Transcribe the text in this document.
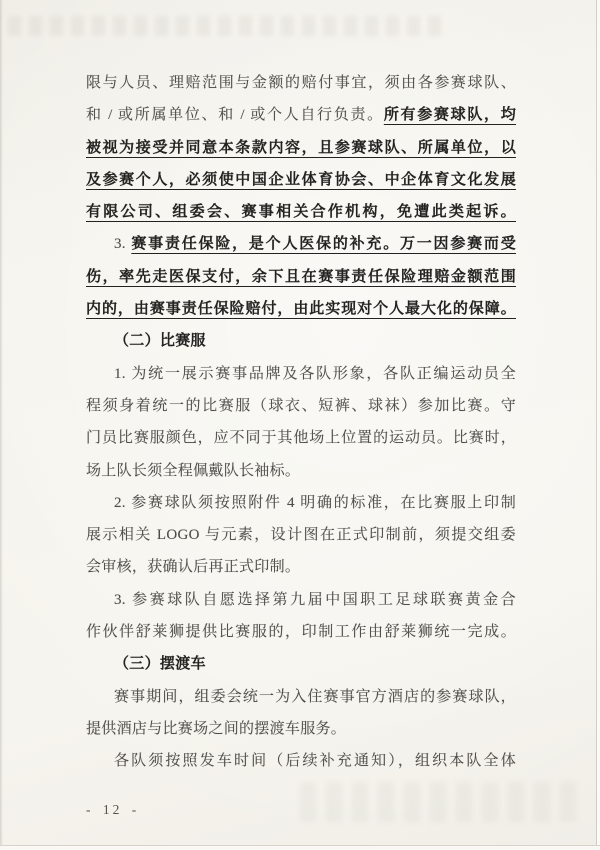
限与人员、理赔范围与金额的赔付事宜，须由各参赛球队、
和 / 或所属单位、和 / 或个人自行负责。所有参赛球队，均
被视为接受并同意本条款内容，且参赛球队、所属单位，以
及参赛个人，必须使中国企业体育协会、中企体育文化发展
有限公司、组委会、赛事相关合作机构，免遭此类起诉。
3. 赛事责任保险，是个人医保的补充。万一因参赛而受
伤，率先走医保支付，余下且在赛事责任保险理赔金额范围
内的，由赛事责任保险赔付，由此实现对个人最大化的保障。
（二）比赛服
1. 为统一展示赛事品牌及各队形象，各队正编运动员全
程须身着统一的比赛服（球衣、短裤、球袜）参加比赛。守
门员比赛服颜色，应不同于其他场上位置的运动员。比赛时，
场上队长须全程佩戴队长袖标。
2. 参赛球队须按照附件 4 明确的标准，在比赛服上印制
展示相关 LOGO 与元素，设计图在正式印制前，须提交组委
会审核，获确认后再正式印制。
3. 参赛球队自愿选择第九届中国职工足球联赛黄金合
作伙伴舒莱狮提供比赛服的，印制工作由舒莱狮统一完成。
（三）摆渡车
赛事期间，组委会统一为入住赛事官方酒店的参赛球队，
提供酒店与比赛场之间的摆渡车服务。
各队须按照发车时间（后续补充通知），组织本队全体
- 12 -
